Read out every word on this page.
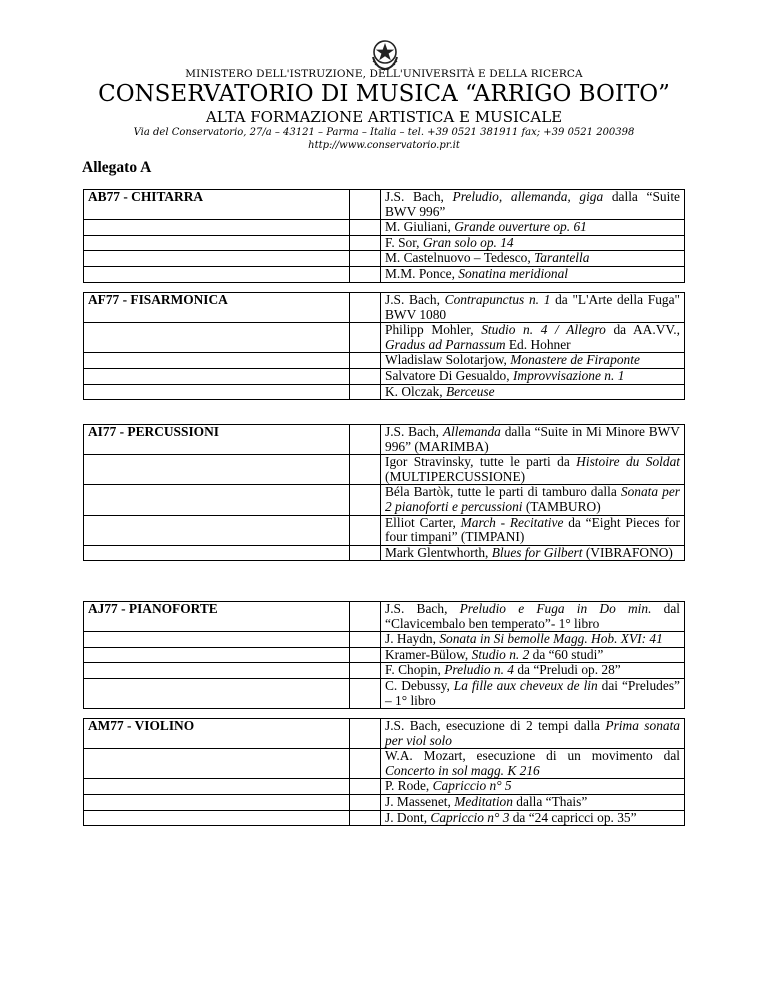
MINISTERO DELL'ISTRUZIONE, DELL'UNIVERSITÀ E DELLA RICERCA
CONSERVATORIO DI MUSICA “ARRIGO BOITO”
ALTA FORMAZIONE ARTISTICA E MUSICALE
Via del Conservatorio, 27/a – 43121 – Parma – Italia – tel. +39 0521 381911 fax; +39 0521 200398
http://www.conservatorio.pr.it
Allegato A
AB77 - CHITARRA		J.S. Bach, Preludio, allemanda, giga dalla “Suite BWV 996”
		M. Giuliani, Grande ouverture op. 61
		F. Sor, Gran solo op. 14
		M. Castelnuovo – Tedesco, Tarantella
		M.M. Ponce, Sonatina meridional
AF77 - FISARMONICA		J.S. Bach, Contrapunctus n. 1 da "L'Arte della Fuga" BWV 1080
		Philipp Mohler, Studio n. 4 / Allegro da AA.VV., Gradus ad Parnassum Ed. Hohner
		Wladislaw Solotarjow, Monastere de Firaponte
		Salvatore Di Gesualdo, Improvvisazione n. 1
		K. Olczak, Berceuse
AI77 - PERCUSSIONI		J.S. Bach, Allemanda dalla “Suite in Mi Minore BWV 996” (MARIMBA)
		Igor Stravinsky, tutte le parti da Histoire du Soldat (MULTIPERCUSSIONE)
		Béla Bartòk, tutte le parti di tamburo dalla Sonata per 2 pianoforti e percussioni (TAMBURO)
		Elliot Carter, March - Recitative da “Eight Pieces for four timpani” (TIMPANI)
		Mark Glentwhorth, Blues for Gilbert (VIBRAFONO)
AJ77 - PIANOFORTE		J.S. Bach, Preludio e Fuga in Do min. dal “Clavicembalo ben temperato”- 1° libro
		J. Haydn, Sonata in Si bemolle Magg. Hob. XVI: 41
		Kramer-Bülow, Studio n. 2 da “60 studi”
		F. Chopin, Preludio n. 4 da “Preludi op. 28”
		C. Debussy, La fille aux cheveux de lin dai “Preludes” – 1° libro
AM77 - VIOLINO		J.S. Bach, esecuzione di 2 tempi dalla Prima sonata per viol solo
		W.A. Mozart, esecuzione di un movimento dal Concerto in sol magg. K 216
		P. Rode, Capriccio n° 5
		J. Massenet, Meditation dalla “Thais”
		J. Dont, Capriccio n° 3 da “24 capricci op. 35”
